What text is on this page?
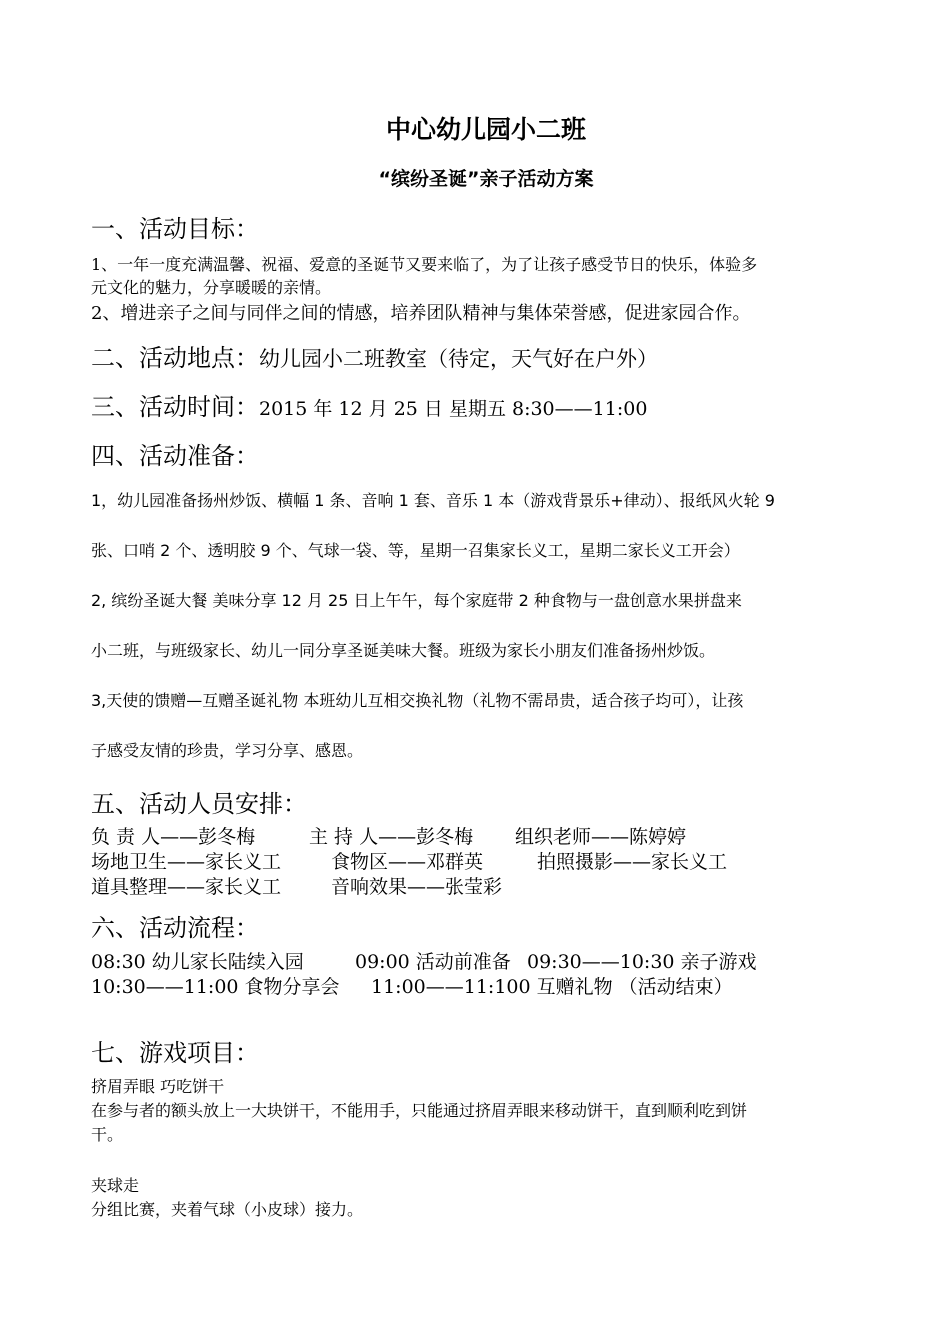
中心幼儿园小二班
“缤纷圣诞”亲子活动方案
一、活动目标：
1、一年一度充满温馨、祝福、爱意的圣诞节又要来临了，为了让孩子感受节日的快乐，体验多
元文化的魅力，分享暖暖的亲情。
2、增进亲子之间与同伴之间的情感，培养团队精神与集体荣誉感，促进家园合作。
二、活动地点：幼儿园小二班教室（待定，天气好在户外）
三、活动时间：2015 年 12 月 25 日 星期五 8:30——11:00
四、活动准备：
1，幼儿园准备扬州炒饭、横幅 1 条、音响 1 套、音乐 1 本（游戏背景乐+律动）、报纸风火轮 9
张、口哨 2 个、透明胶 9 个、气球一袋、等，星期一召集家长义工，星期二家长义工开会）
2, 缤纷圣诞大餐 美味分享 12 月 25 日上午午，每个家庭带 2 种食物与一盘创意水果拼盘来
小二班，与班级家长、幼儿一同分享圣诞美味大餐。班级为家长小朋友们准备扬州炒饭。
3,天使的馈赠—互赠圣诞礼物 本班幼儿互相交换礼物（礼物不需昂贵，适合孩子均可），让孩
子感受友情的珍贵，学习分享、感恩。
五、活动人员安排：
负 责 人——彭冬梅	主 持 人——彭冬梅 组织老师——陈婷婷
场地卫生——家长义工	食物区——邓群英	拍照摄影——家长义工
道具整理——家长义工	音响效果——张莹彩
六、活动流程：
08:30 幼儿家长陆续入园	09:00 活动前准备 09:30——10:30 亲子游戏
10:30——11:00 食物分享会 11:00——11:100 互赠礼物 （活动结束）
七、游戏项目：
挤眉弄眼 巧吃饼干
在参与者的额头放上一大块饼干，不能用手，只能通过挤眉弄眼来移动饼干，直到顺利吃到饼
干。
夹球走
分组比赛，夹着气球（小皮球）接力。
